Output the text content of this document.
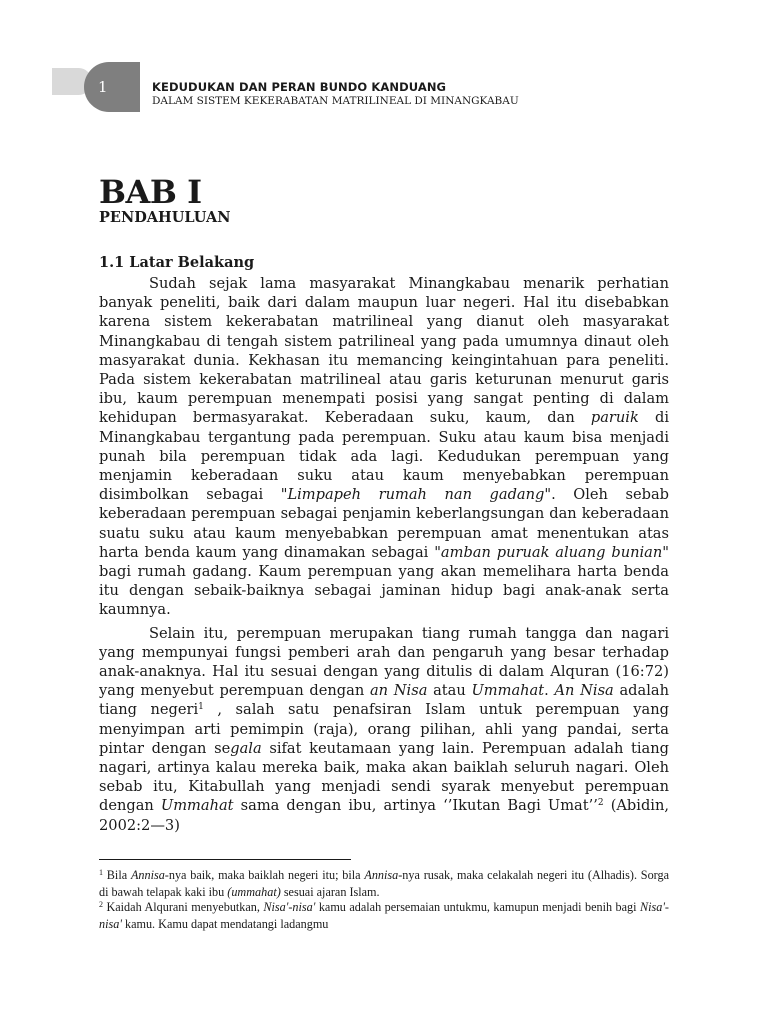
1	KEDUDUKAN DAN PERAN BUNDO KANDUANG
DALAM SISTEM KEKERABATAN MATRILINEAL DI MINANGKABAU
BAB I
PENDAHULUAN
1.1 Latar Belakang

Sudah sejak lama masyarakat Minangkabau menarik perhatian banyak peneliti, baik dari dalam maupun luar negeri. Hal itu disebabkan karena sistem kekerabatan matrilineal yang dianut oleh masyarakat Minangkabau di tengah sistem patrilineal yang pada umumnya dinaut oleh masyarakat dunia. Kekhasan itu memancing keingintahuan para peneliti. Pada sistem kekerabatan matrilineal atau garis keturunan menurut garis ibu, kaum perempuan menempati posisi yang sangat penting di dalam kehidupan bermasyarakat. Keberadaan suku, kaum, dan paruik di Minangkabau tergantung pada perempuan. Suku atau kaum bisa menjadi punah bila perempuan tidak ada lagi. Kedudukan perempuan yang menjamin keberadaan suku atau kaum menyebabkan perempuan disimbolkan sebagai "Limpapeh rumah nan gadang". Oleh sebab keberadaan perempuan sebagai penjamin keberlangsungan dan keberadaan suatu suku atau kaum menyebabkan perempuan amat menentukan atas harta benda kaum yang dinamakan sebagai "amban puruak aluang bunian" bagi rumah gadang. Kaum perempuan yang akan memelihara harta benda itu dengan sebaik-baiknya sebagai jaminan hidup bagi anak-anak serta kaumnya.

Selain itu, perempuan merupakan tiang rumah tangga dan nagari yang mempunyai fungsi pemberi arah dan pengaruh yang besar terhadap anak-anaknya. Hal itu sesuai dengan yang ditulis di dalam Alquran (16:72) yang menyebut perempuan dengan an Nisa atau Ummahat. An Nisa adalah tiang negeri$^1$ , salah satu penafsiran Islam untuk perempuan yang menyimpan arti pemimpin (raja), orang pilihan, ahli yang pandai, serta pintar dengan segala sifat keutamaan yang lain. Perempuan adalah tiang nagari, artinya kalau mereka baik, maka akan baiklah seluruh nagari. Oleh sebab itu, Kitabullah yang menjadi sendi syarak menyebut perempuan dengan Ummahat sama dengan ibu, artinya ‘’Ikutan Bagi Umat’’$^2$ (Abidin, 2002:2—3)

$^1$ Bila Annisa-nya baik, maka baiklah negeri itu; bila Annisa-nya rusak, maka celakalah negeri itu (Alhadis). Sorga di bawah telapak kaki ibu (ummahat) sesuai ajaran Islam.
$^2$ Kaidah Alqurani menyebutkan, Nisa'-nisa' kamu adalah persemaian untukmu, kamupun menjadi benih bagi Nisa'-nisa' kamu. Kamu dapat mendatangi ladangmu
